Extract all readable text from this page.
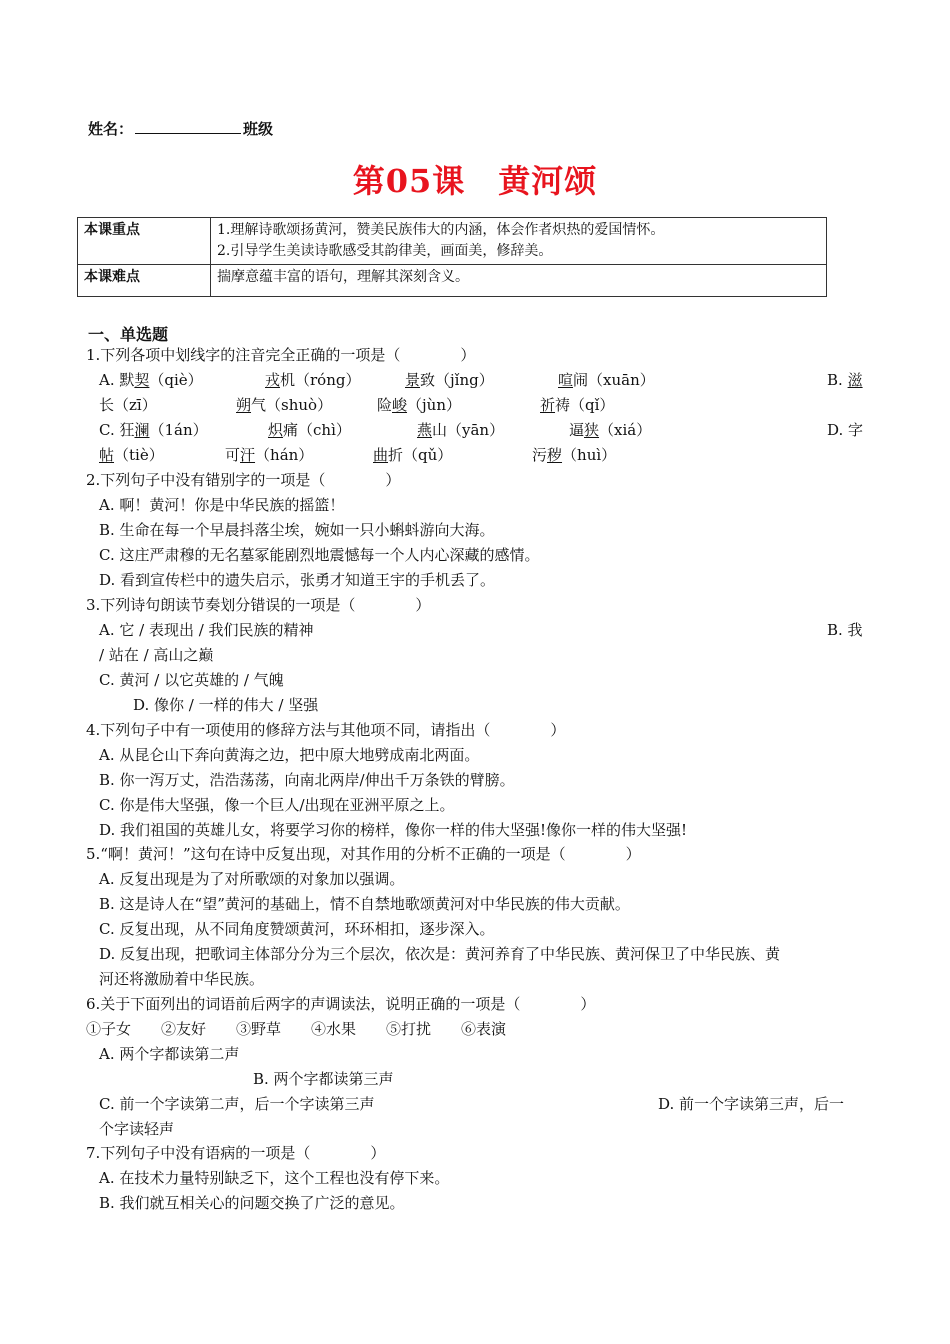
姓名：	班级
第05课　黄河颂
本课重点	1.理解诗歌颂扬黄河，赞美民族伟大的内涵，体会作者炽热的爱国情怀。
2.引导学生美读诗歌感受其韵律美，画面美，修辞美。

本课难点	揣摩意蕴丰富的语句，理解其深刻含义。
一、单选题
1.下列各项中划线字的注音完全正确的一项是（　　　　）
A. 默契（qiè）	戎机（róng）	景致（jǐng）	喧闹（xuān）	B. 滋
长（zī）	朔气（shuò）	险峻（jùn）	祈祷（qǐ）
C. 狂澜（1án）	炽痛（chì）	燕山（yān）	逼狭（xiá）	D. 字
帖（tiè）	可汗（hán）	曲折（qǔ）	污秽（huì）
2.下列句子中没有错别字的一项是（　　　　）
A. 啊！黄河！你是中华民族的摇篮！
B. 生命在每一个早晨抖落尘埃，婉如一只小蝌蚪游向大海。
C. 这庄严肃穆的无名墓冢能剧烈地震憾每一个人内心深藏的感情。
D. 看到宣传栏中的遗失启示，张勇才知道王宇的手机丢了。
3.下列诗句朗读节奏划分错误的一项是（　　　　）
A. 它 / 表现出 / 我们民族的精神	B. 我
/ 站在 / 高山之巅
C. 黄河 / 以它英雄的 / 气魄
D. 像你 / 一样的伟大 / 坚强
4.下列句子中有一项使用的修辞方法与其他项不同，请指出（　　　　）
A. 从昆仑山下奔向黄海之边，把中原大地劈成南北两面。
B. 你一泻万丈，浩浩荡荡，向南北两岸/伸出千万条铁的臂膀。
C. 你是伟大坚强，像一个巨人/出现在亚洲平原之上。
D. 我们祖国的英雄儿女，将要学习你的榜样，像你一样的伟大坚强!像你一样的伟大坚强!
5.“啊！黄河！”这句在诗中反复出现，对其作用的分析不正确的一项是（　　　　）
A. 反复出现是为了对所歌颂的对象加以强调。
B. 这是诗人在“望”黄河的基础上，情不自禁地歌颂黄河对中华民族的伟大贡献。
C. 反复出现，从不同角度赞颂黄河，环环相扣，逐步深入。
D. 反复出现，把歌词主体部分分为三个层次，依次是：黄河养育了中华民族、黄河保卫了中华民族、黄
河还将激励着中华民族。
6.关于下面列出的词语前后两字的声调读法，说明正确的一项是（　　　　）
①子女　　②友好　　③野草　　④水果　　⑤打扰　　⑥表演
A. 两个字都读第二声
B. 两个字都读第三声
C. 前一个字读第二声，后一个字读第三声	D. 前一个字读第三声，后一
个字读轻声
7.下列句子中没有语病的一项是（　　　　）
A. 在技术力量特别缺乏下，这个工程也没有停下来。
B. 我们就互相关心的问题交换了广泛的意见。
